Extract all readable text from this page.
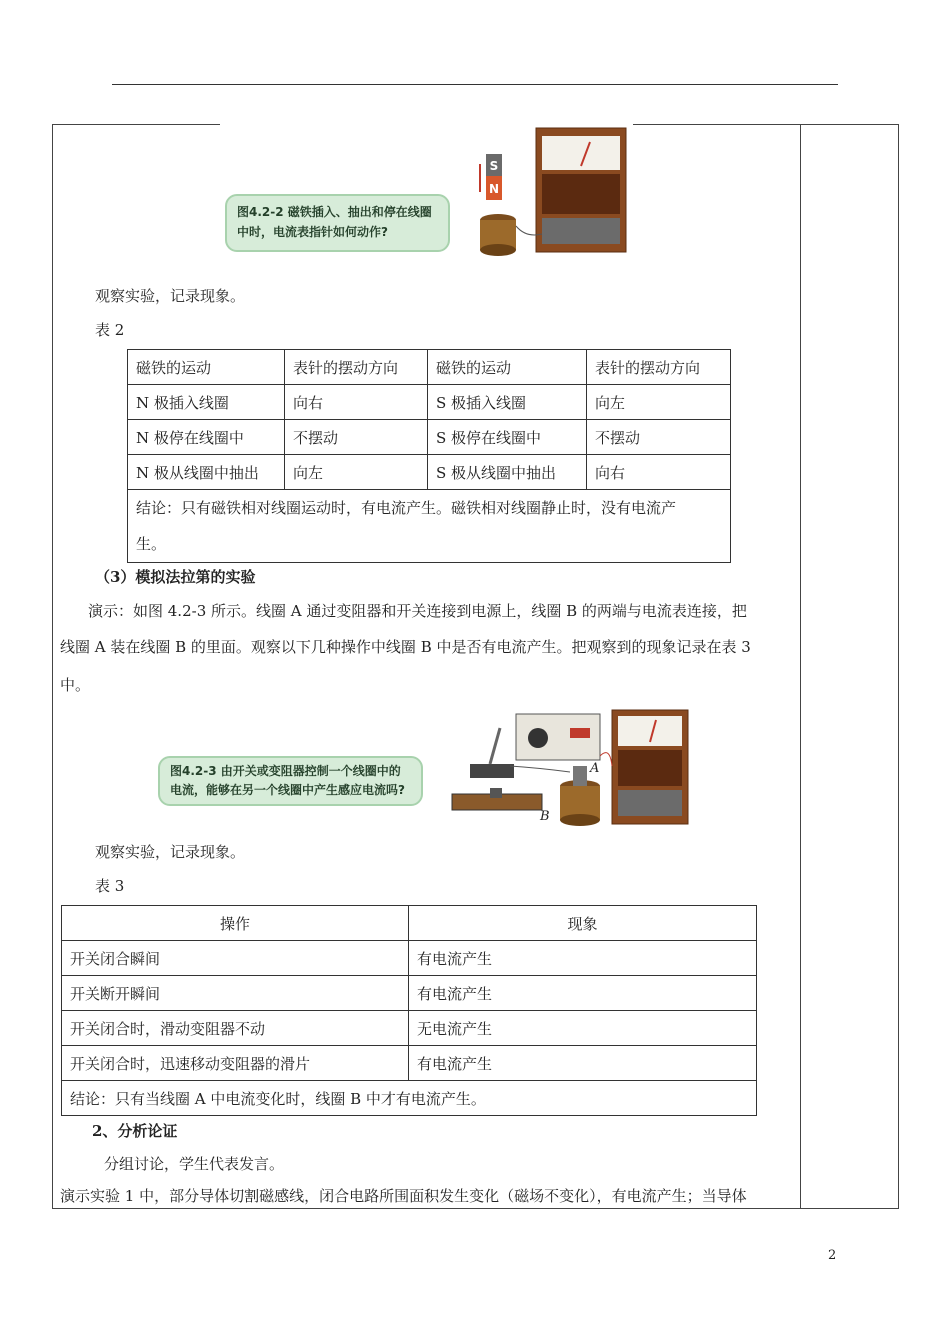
图4.2-2 磁铁插入、抽出和停在线圈中时，电流表指针如何动作?
S
N
观察实验，记录现象。
表 2
磁铁的运动	表针的摆动方向	磁铁的运动	表针的摆动方向
N 极插入线圈	向右	S 极插入线圈	向左
N 极停在线圈中	不摆动	S 极停在线圈中	不摆动
N 极从线圈中抽出	向左	S 极从线圈中抽出	向右

结论：只有磁铁相对线圈运动时，有电流产生。磁铁相对线圈静止时，没有电流产
生。			
（3）模拟法拉第的实验
演示：如图 4.2-3 所示。线圈 A 通过变阻器和开关连接到电源上，线圈 B 的两端与电流表连接，把
线圈 A 装在线圈 B 的里面。观察以下几种操作中线圈 B 中是否有电流产生。把观察到的现象记录在表 3
中。
图4.2-3 由开关或变阻器控制一个线圈中的电流，能够在另一个线圈中产生感应电流吗?
A
B
观察实验，记录现象。
表 3
操作	现象
开关闭合瞬间	有电流产生
开关断开瞬间	有电流产生
开关闭合时，滑动变阻器不动	无电流产生
开关闭合时，迅速移动变阻器的滑片	有电流产生
结论：只有当线圈 A 中电流变化时，线圈 B 中才有电流产生。	
2、分析论证
分组讨论，学生代表发言。
演示实验 1 中，部分导体切割磁感线，闭合电路所围面积发生变化（磁场不变化），有电流产生；当导体
2
